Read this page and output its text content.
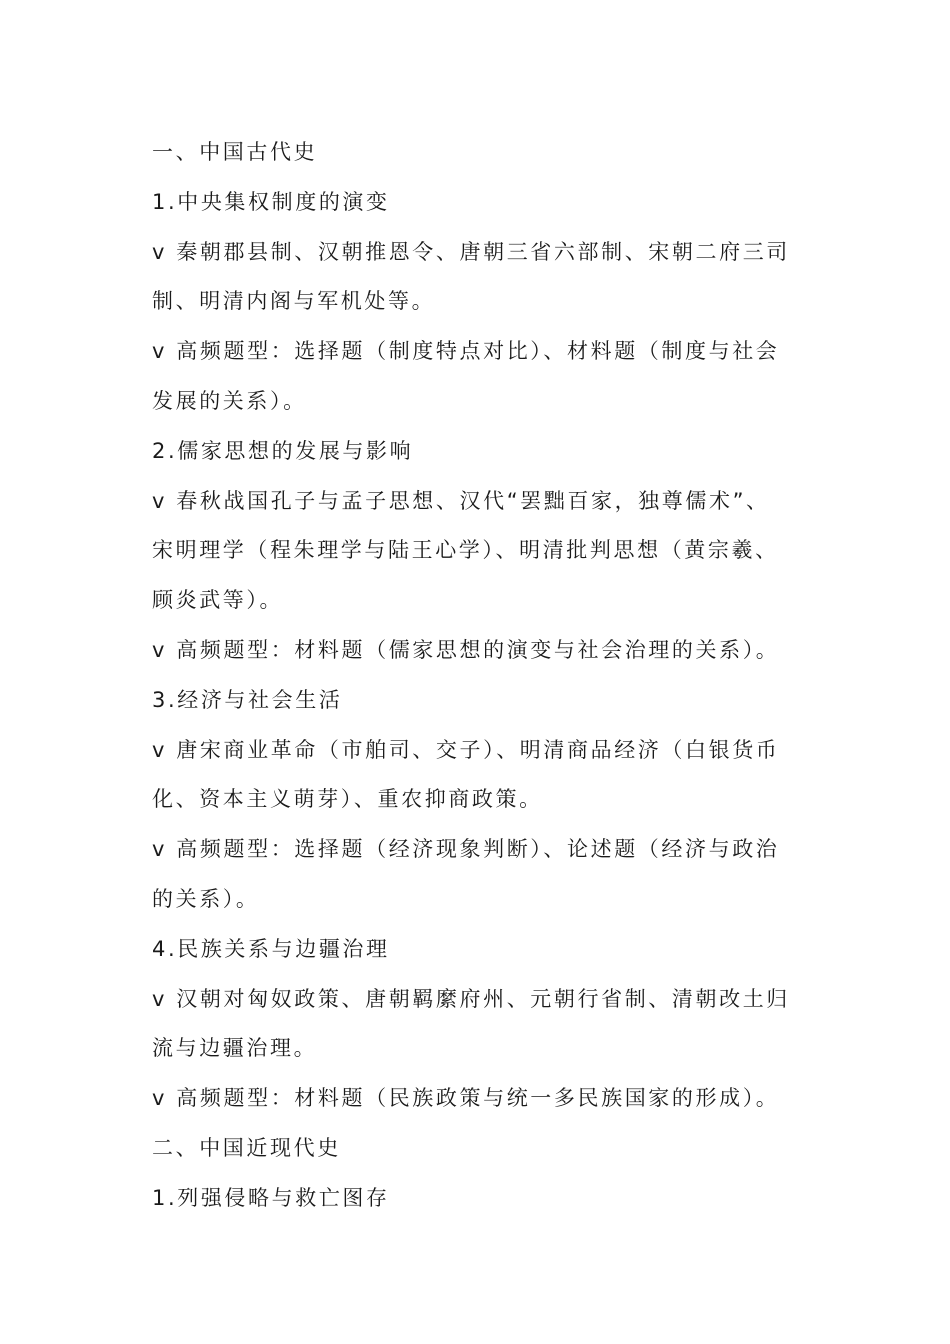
一、中国古代史
1.中央集权制度的演变
v 秦朝郡县制、汉朝推恩令、唐朝三省六部制、宋朝二府三司
制、明清内阁与军机处等。
v 高频题型：选择题（制度特点对比）、材料题（制度与社会
发展的关系）。
2.儒家思想的发展与影响
v 春秋战国孔子与孟子思想、汉代“罢黜百家，独尊儒术”、
宋明理学（程朱理学与陆王心学）、明清批判思想（黄宗羲、
顾炎武等）。
v 高频题型：材料题（儒家思想的演变与社会治理的关系）。
3.经济与社会生活
v 唐宋商业革命（市舶司、交子）、明清商品经济（白银货币
化、资本主义萌芽）、重农抑商政策。
v 高频题型：选择题（经济现象判断）、论述题（经济与政治
的关系）。
4.民族关系与边疆治理
v 汉朝对匈奴政策、唐朝羁縻府州、元朝行省制、清朝改土归
流与边疆治理。
v 高频题型：材料题（民族政策与统一多民族国家的形成）。
二、中国近现代史
1.列强侵略与救亡图存
